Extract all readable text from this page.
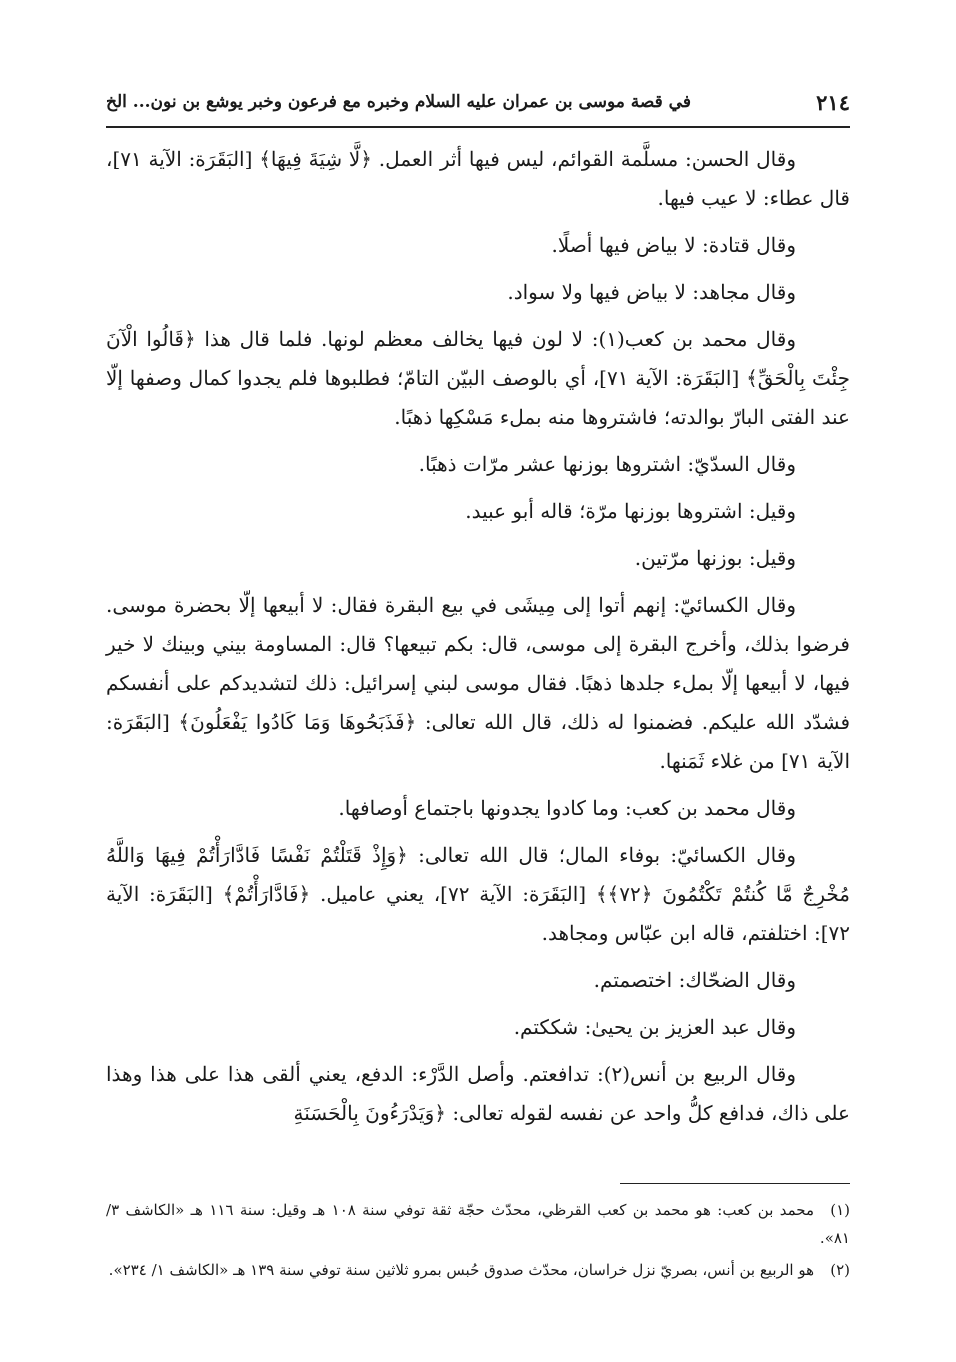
٢١٤
في قصة موسى بن عمران عليه السلام وخبره مع فرعون وخبر يوشع بن نون... الخ

وقال الحسن: مسلَّمة القوائم، ليس فيها أثر العمل. ﴿لَّا شِيَةَ فِيهَا﴾ [البَقَرَة: الآية ٧١]، قال عطاء: لا عيب فيها.

وقال قتادة: لا بياض فيها أصلًا.

وقال مجاهد: لا بياض فيها ولا سواد.

وقال محمد بن كعب(١): لا لون فيها يخالف معظم لونها. فلما قال هذا ﴿قَالُوا الْآنَ جِئْتَ بِالْحَقِّ﴾ [البَقَرَة: الآية ٧١]، أي بالوصف البيّن التامّ؛ فطلبوها فلم يجدوا كمال وصفها إلّا عند الفتى البارّ بوالدته؛ فاشتروها منه بملء مَسْكِها ذهبًا.

وقال السدّيّ: اشتروها بوزنها عشر مرّات ذهبًا.

وقيل: اشتروها بوزنها مرّة؛ قاله أبو عبيد.

وقيل: بوزنها مرّتين.

وقال الكسائيّ: إنهم أتوا إلى مِيشَى في بيع البقرة فقال: لا أبيعها إلّا بحضرة موسى. فرضوا بذلك، وأخرج البقرة إلى موسى، قال: بكم تبيعها؟ قال: المساومة بيني وبينك لا خير فيها، لا أبيعها إلّا بملء جلدها ذهبًا. فقال موسى لبني إسرائيل: ذلك لتشديدكم على أنفسكم فشدّد الله عليكم. فضمنوا له ذلك، قال الله تعالى: ﴿فَذَبَحُوهَا وَمَا كَادُوا يَفْعَلُونَ﴾ [البَقَرَة: الآية ٧١] من غلاء ثَمَنها.

وقال محمد بن كعب: وما كادوا يجدونها باجتماع أوصافها.

وقال الكسائيّ: بوفاء المال؛ قال الله تعالى: ﴿وَإِذْ قَتَلْتُمْ نَفْسًا فَادَّارَأْتُمْ فِيهَا وَاللَّهُ مُخْرِجٌ مَّا كُنتُمْ تَكْتُمُونَ ﴿٧٢﴾﴾ [البَقَرَة: الآية ٧٢]، يعني عاميل. ﴿فَادَّارَأْتُمْ﴾ [البَقَرَة: الآية ٧٢]: اختلفتم، قاله ابن عبّاس ومجاهد.

وقال الضحّاك: اختصمتم.

وقال عبد العزيز بن يحيىٰ: شككتم.

وقال الربيع بن أنس(٢): تدافعتم. وأصل الدَّرْء: الدفع، يعني ألقى هذا على هذا وهذا على ذاك، فدافع كلُّ واحد عن نفسه لقوله تعالى: ﴿وَيَدْرَءُونَ بِالْحَسَنَةِ

(١)محمد بن كعب: هو محمد بن كعب القرظي، محدّث حجّة ثقة توفي سنة ١٠٨ هـ وقيل: سنة ١١٦ هـ «الكاشف ٣/ ٨١».

(٢)هو الربيع بن أنس، بصريّ نزل خراسان، محدّث صدوق حُبس بمرو ثلاثين سنة توفي سنة ١٣٩ هـ «الكاشف ١/ ٢٣٤».
